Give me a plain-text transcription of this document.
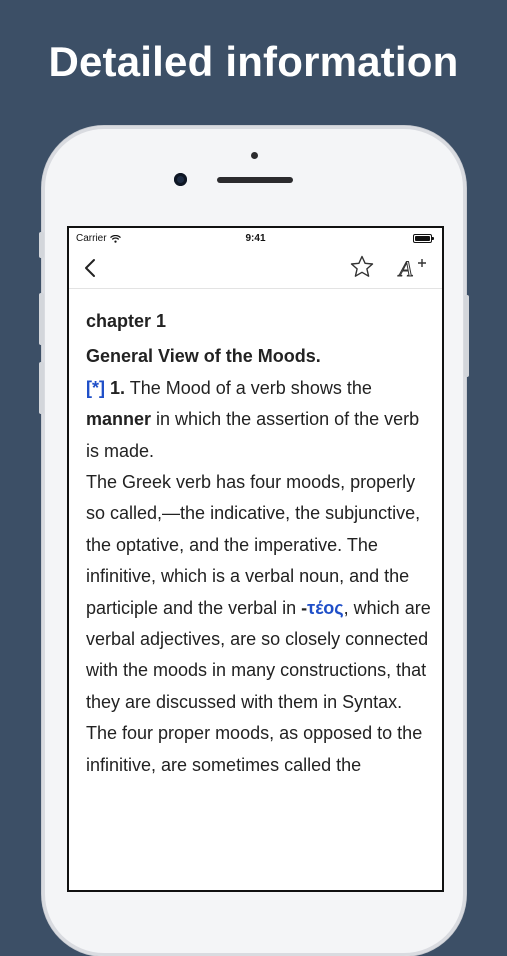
Detailed information
Carrier	9:41
A

chapter 1

General View of the Moods.

[*] 1. The Mood of a verb shows the manner in which the assertion of the verb is made.

The Greek verb has four moods, properly so called,—the indicative, the subjunctive, the optative, and the imperative. The infinitive, which is a verbal noun, and the participle and the verbal in -τέος, which are verbal adjectives, are so closely connected with the moods in many constructions, that they are discussed with them in Syntax.

The four proper moods, as opposed to the infinitive, are sometimes called the
